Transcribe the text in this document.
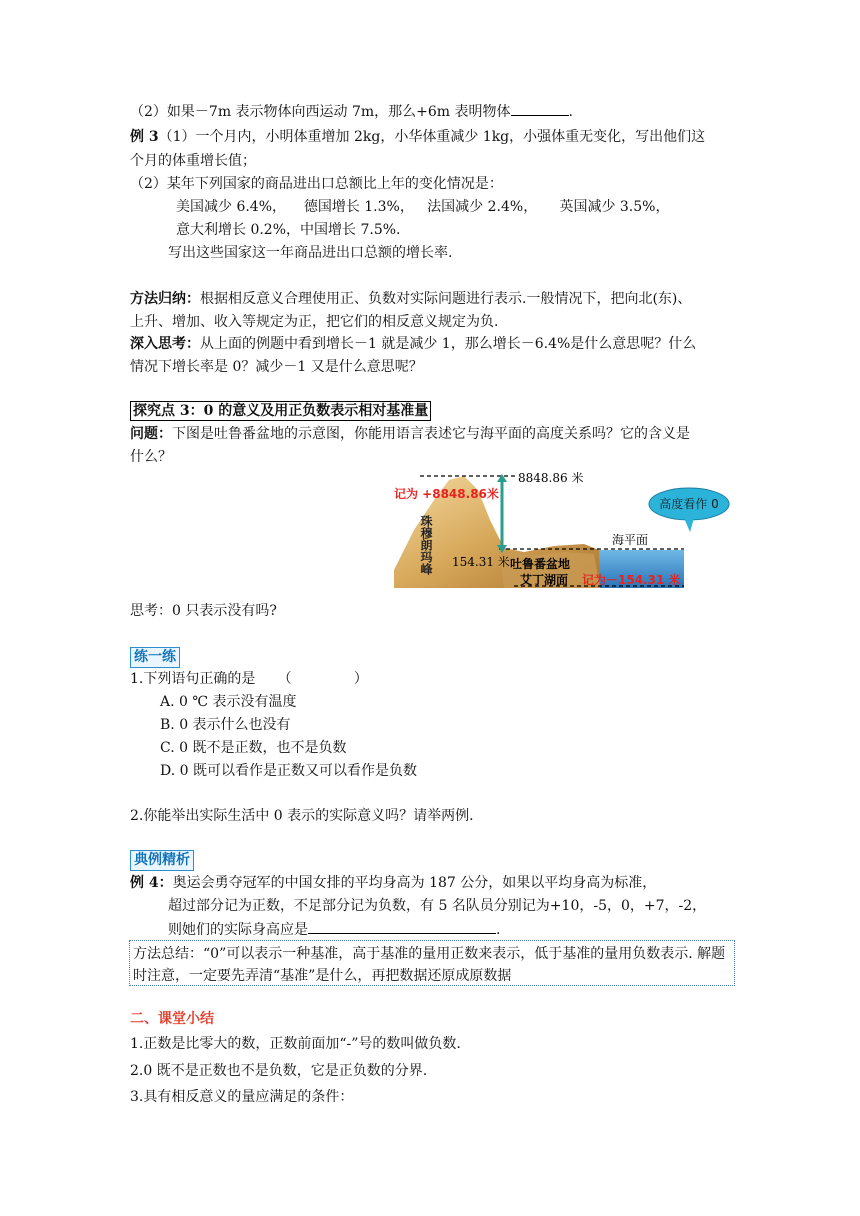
（2）如果－7m 表示物体向西运动 7m，那么+6m 表明物体	.
例 3（1）一个月内，小明体重增加 2kg，小华体重减少 1kg，小强体重无变化，写出他们这
个月的体重增长值；
（2）某年下列国家的商品进出口总额比上年的变化情况是：
美国减少 6.4%，    德国增长 1.3%，   法国减少 2.4%，     英国减少 3.5%，
意大利增长 0.2%，中国增长 7.5%.
写出这些国家这一年商品进出口总额的增长率.
方法归纳：根据相反意义合理使用正、负数对实际问题进行表示.一般情况下，把向北(东)、
上升、增加、收入等规定为正，把它们的相反意义规定为负.
深入思考：从上面的例题中看到增长－1 就是减少 1，那么增长－6.4%是什么意思呢？什么
情况下增长率是 0？减少－1 又是什么意思呢？
探究点 3：0 的意义及用正负数表示相对基准量
问题：下图是吐鲁番盆地的示意图，你能用语言表述它与海平面的高度关系吗？它的含义是
什么？
8848.86 米
记为 +8848.86米
珠穆朗玛峰
高度看作 0
海平面
154.31 米 吐鲁番盆地
艾丁湖面 记为－154.31 米
思考：0 只表示没有吗?
练一练
1.下列语句正确的是     （              ）
A. 0 ℃ 表示没有温度
B. 0 表示什么也没有
C. 0 既不是正数，也不是负数
D. 0 既可以看作是正数又可以看作是负数
2.你能举出实际生活中 0 表示的实际意义吗？请举两例.
典例精析
例 4：奥运会勇夺冠军的中国女排的平均身高为 187 公分，如果以平均身高为标准，
超过部分记为正数，不足部分记为负数，有 5 名队员分别记为+10，-5，0，+7，-2，
则她们的实际身高应是	.
方法总结：“0”可以表示一种基准，高于基准的量用正数来表示，低于基准的量用负数表示. 解题时注意，一定要先弄清“基准”是什么，再把数据还原成原数据
二、课堂小结
1.正数是比零大的数，正数前面加“-”号的数叫做负数.
2.0 既不是正数也不是负数，它是正负数的分界.
3.具有相反意义的量应满足的条件：
